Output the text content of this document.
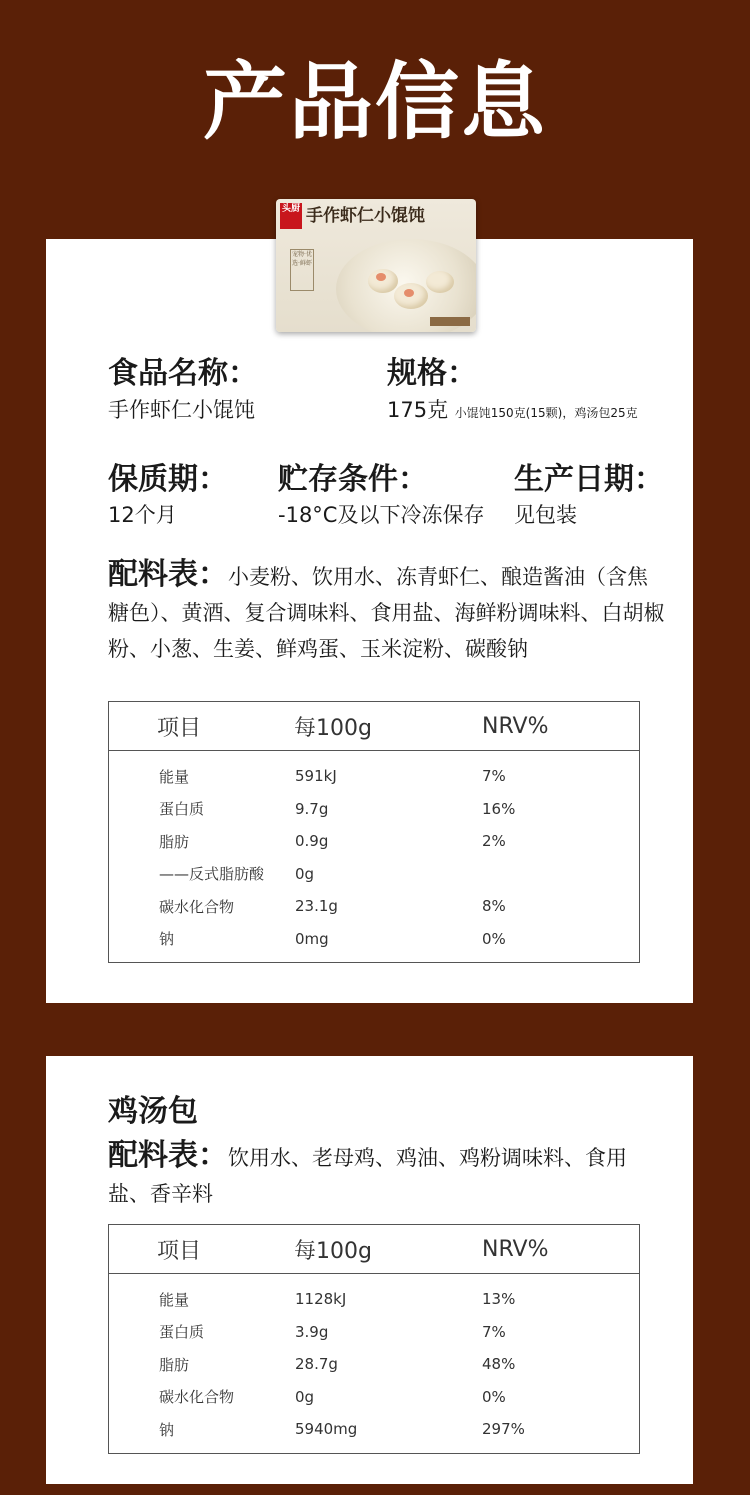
产品信息
头厨 手作虾仁小馄饨
宠物·优选·鲜虾
食品名称：
手作虾仁小馄饨
规格：
175克 小馄饨150克(15颗)，鸡汤包25克
保质期：
12个月
贮存条件：
-18°C及以下冷冻保存
生产日期：
见包装
配料表：小麦粉、饮用水、冻青虾仁、酿造酱油（含焦糖色）、黄酒、复合调味料、食用盐、海鲜粉调味料、白胡椒粉、小葱、生姜、鲜鸡蛋、玉米淀粉、碳酸钠
项目	每100g	NRV%
能量	591kJ	7%
蛋白质	9.7g	16%
脂肪	0.9g	2%
——反式脂肪酸	0g	
碳水化合物	23.1g	8%
钠	0mg	0%
鸡汤包
配料表：饮用水、老母鸡、鸡油、鸡粉调味料、食用盐、香辛料
项目	每100g	NRV%
能量	1128kJ	13%
蛋白质	3.9g	7%
脂肪	28.7g	48%
碳水化合物	0g	0%
钠	5940mg	297%
